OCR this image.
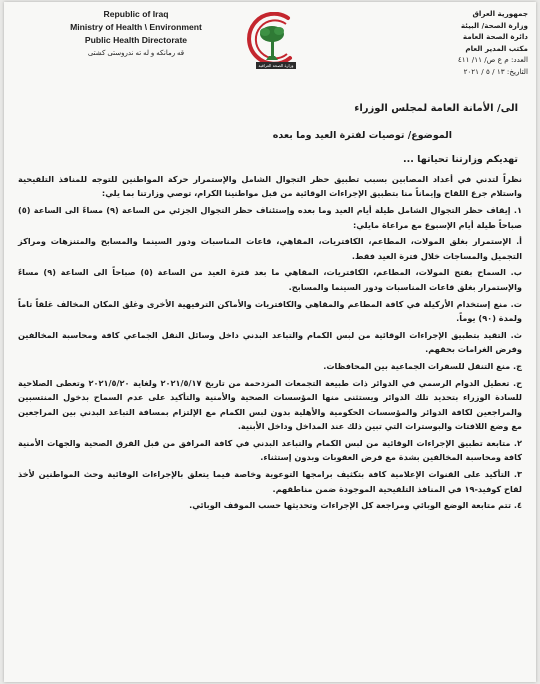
Republic of Iraq
Ministry of Health \ Environment
Public Health Directorate
قه رمانكه و له ته ندروستى كشتى
وزارة الصحة العراقية
جمهورية العراق
وزارة الصحة/ البيئة
دائرة الصحة العامة
مكتب المدير العام
العدد: م ع ص/ ١١/ ٤١١
التاريخ: ١٣ / ٥ / ٢٠٢١

الى/ الأمانة العامة لمجلس الوزراء

الموضوع/ توصيات لفترة العيد وما بعده

تهديكم وزارتنا تحياتها ...

نظراً لتدني في أعداد المصابين بسبب تطبيق حظر التجوال الشامل والإستمرار حركة المواطنين للتوجه للمنافذ التلقيحية واستلام جرع اللقاح وإيماناً منا بتطبيق الإجراءات الوقائية من قبل مواطنينا الكرام، توصي وزارتنا بما يلي:

١. إيقاف حظر التجوال الشامل طيلة أيام العيد وما بعده وإستئناف حظر التجوال الجزئي من الساعة (٩) مساءً الى الساعة (٥) صباحاً طيلة أيام الإسبوع مع مراعاة مايلي:

أ. الإستمرار بغلق المولات، المطاعم، الكافتريات، المقاهي، قاعات المناسبات ودور السينما والمسابح والمتنزهات ومراكز التجميل والمساجات خلال فترة العيد فقط.

ب. السماح بفتح المولات، المطاعم، الكافتريات، المقاهي ما بعد فترة العيد من الساعة (٥) صباحاً الى الساعة (٩) مساءً والإستمرار بغلق قاعات المناسبات ودور السينما والمسابح.

ت. منع إستخدام الأركيلة في كافة المطاعم والمقاهي والكافتريات والأماكن الترفيهية الأخرى وغلق المكان المخالف غلقاً تاماً ولمدة (٩٠) يوماً.

ث. التقيد بتطبيق الإجراءات الوقائية من لبس الكمام والتباعد البدني داخل وسائل النقل الجماعي كافة ومحاسبة المخالفين وفرض الغرامات بحقهم.

ج. منع التنقل للسفرات الجماعية بين المحافظات.

ح. تعطيل الدوام الرسمي في الدوائر ذات طبيعة التجمعات المزدحمة من تاريخ ٢٠٢١/٥/١٧ ولغاية ٢٠٢١/٥/٢٠ وتعطى الصلاحية للسادة الوزراء بتحديد تلك الدوائر ويستثنى منها المؤسسات الصحية والأمنية والتأكيد على عدم السماح بدخول المنتسبين والمراجعين لكافة الدوائر والمؤسسات الحكومية والأهلية بدون لبس الكمام مع الإلتزام بمسافة التباعد البدني بين المراجعين مع وضع اللافتات والبوسترات التي تبين ذلك عند المداخل وداخل الأبنية.

٢. متابعة تطبيق الإجراءات الوقائية من لبس الكمام والتباعد البدني في كافة المرافق من قبل الفرق الصحية والجهات الأمنية كافة ومحاسبة المخالفين بشدة مع فرض العقوبات وبدون إستثناء.

٣. التأكيد على القنوات الإعلامية كافة بتكثيف برامجها التوعوية وخاصة فيما يتعلق بالإجراءات الوقائية وحث المواطنين لأخذ لقاح كوفيد-١٩ في المنافذ التلقيحية الموجودة ضمن مناطقهم.

٤. تتم متابعة الوضع الوبائي ومراجعة كل الإجراءات وتحديثها حسب الموقف الوبائي.
